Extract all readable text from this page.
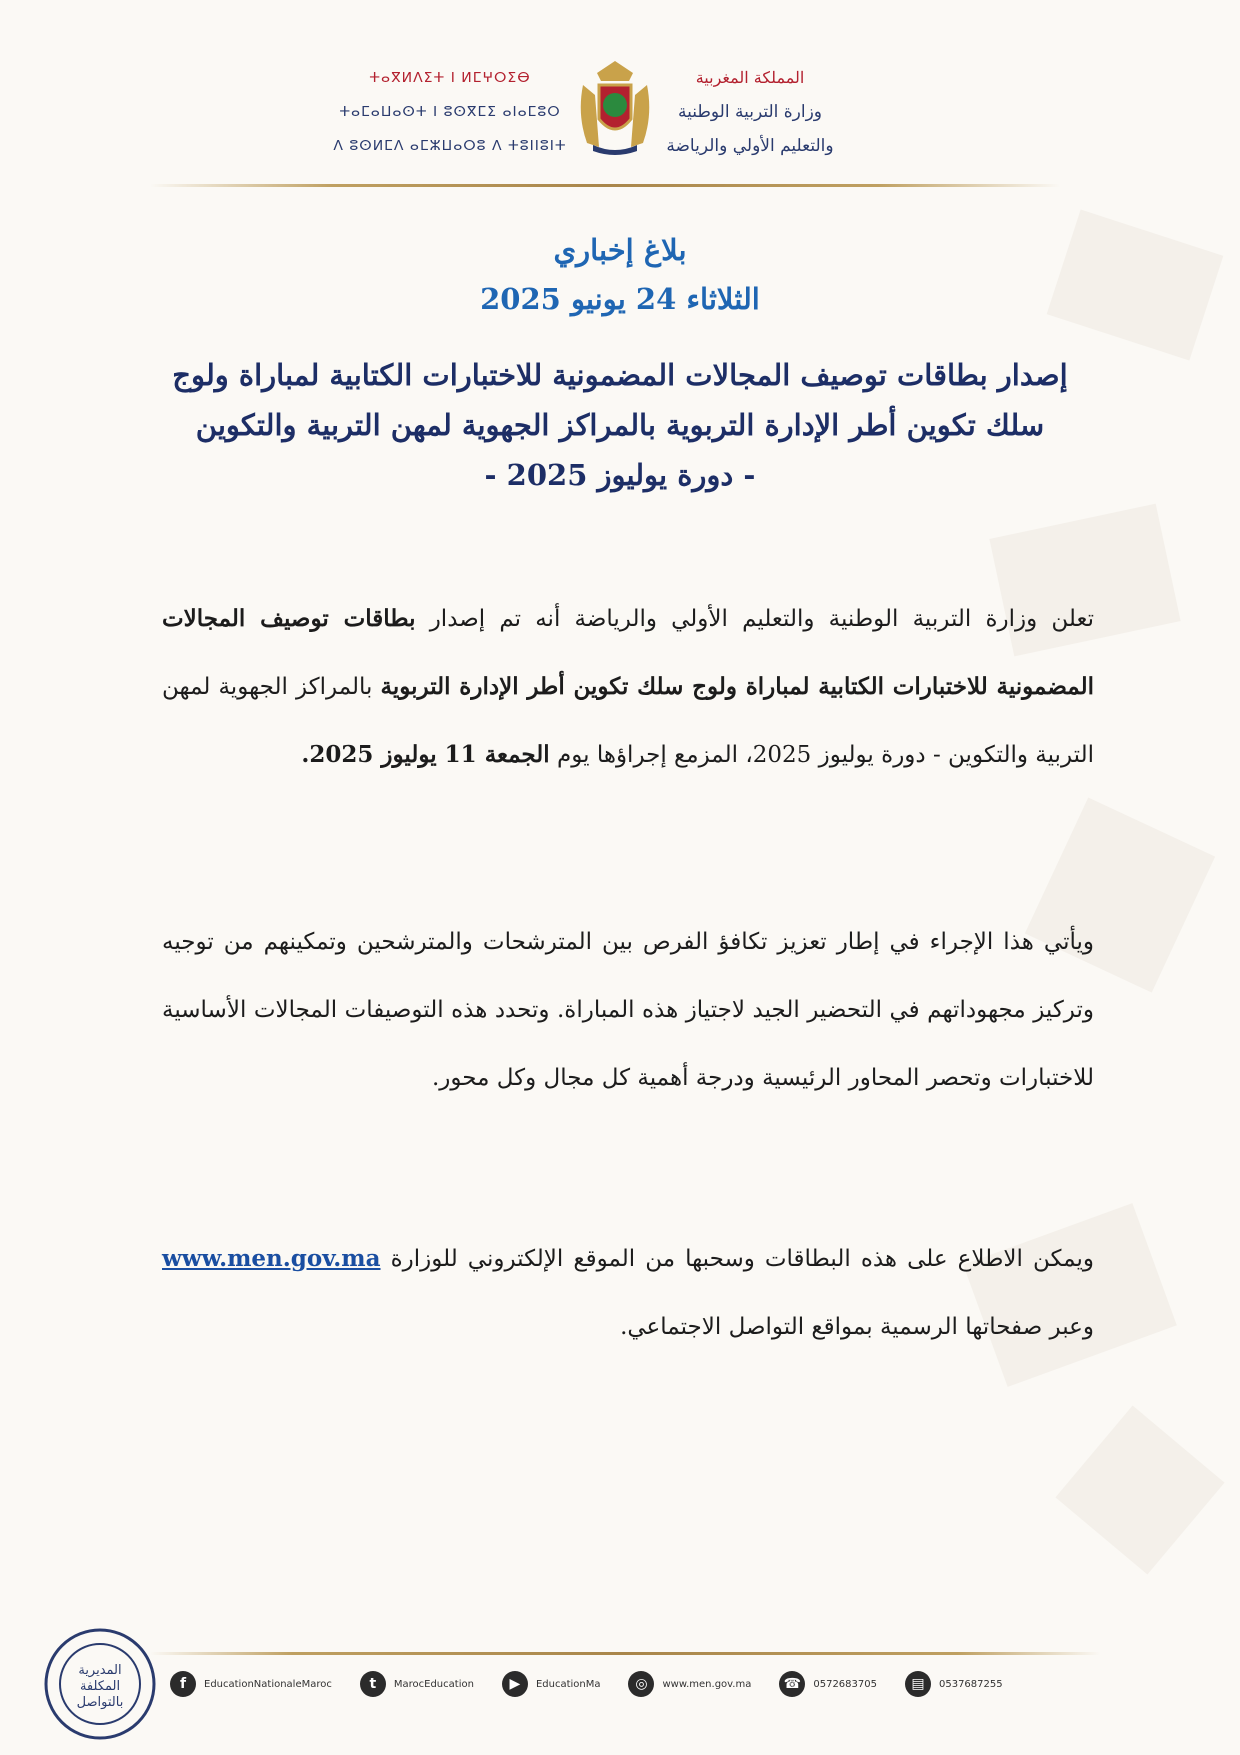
ⵜⴰⴳⵍⴷⵉⵜ ⵏ ⵍⵎⵖⵔⵉⴱ
ⵜⴰⵎⴰⵡⴰⵙⵜ ⵏ ⵓⵙⴳⵎⵉ ⴰⵏⴰⵎⵓⵔ
ⴷ ⵓⵙⵍⵎⴷ ⴰⵎⵣⵡⴰⵔⵓ ⴷ ⵜⵓⵏⵏⵓⵏⵜ
المملكة المغربية
وزارة التربية الوطنية
والتعليم الأولي والرياضة
بلاغ إخباري
الثلاثاء 24 يونيو 2025
إصدار بطاقات توصيف المجالات المضمونية للاختبارات الكتابية لمباراة ولوج
سلك تكوين أطر الإدارة التربوية بالمراكز الجهوية لمهن التربية والتكوين
- دورة يوليوز 2025 -
تعلن وزارة التربية الوطنية والتعليم الأولي والرياضة أنه تم إصدار بطاقات توصيف المجالات المضمونية للاختبارات الكتابية لمباراة ولوج سلك تكوين أطر الإدارة التربوية بالمراكز الجهوية لمهن التربية والتكوين - دورة يوليوز 2025، المزمع إجراؤها يوم الجمعة 11 يوليوز 2025.
ويأتي هذا الإجراء في إطار تعزيز تكافؤ الفرص بين المترشحات والمترشحين وتمكينهم من توجيه وتركيز مجهوداتهم في التحضير الجيد لاجتياز هذه المباراة. وتحدد هذه التوصيفات المجالات الأساسية للاختبارات وتحصر المحاور الرئيسية ودرجة أهمية كل مجال وكل محور.
ويمكن الاطلاع على هذه البطاقات وسحبها من الموقع الإلكتروني للوزارة www.men.gov.ma وعبر صفحاتها الرسمية بمواقع التواصل الاجتماعي.
المديرية
المكلفة
بالتواصل
f	EducationNationaleMaroc	t	MarocEducation	▶	EducationMa	◎	www.men.gov.ma	☎	0572683705	▤	0537687255
